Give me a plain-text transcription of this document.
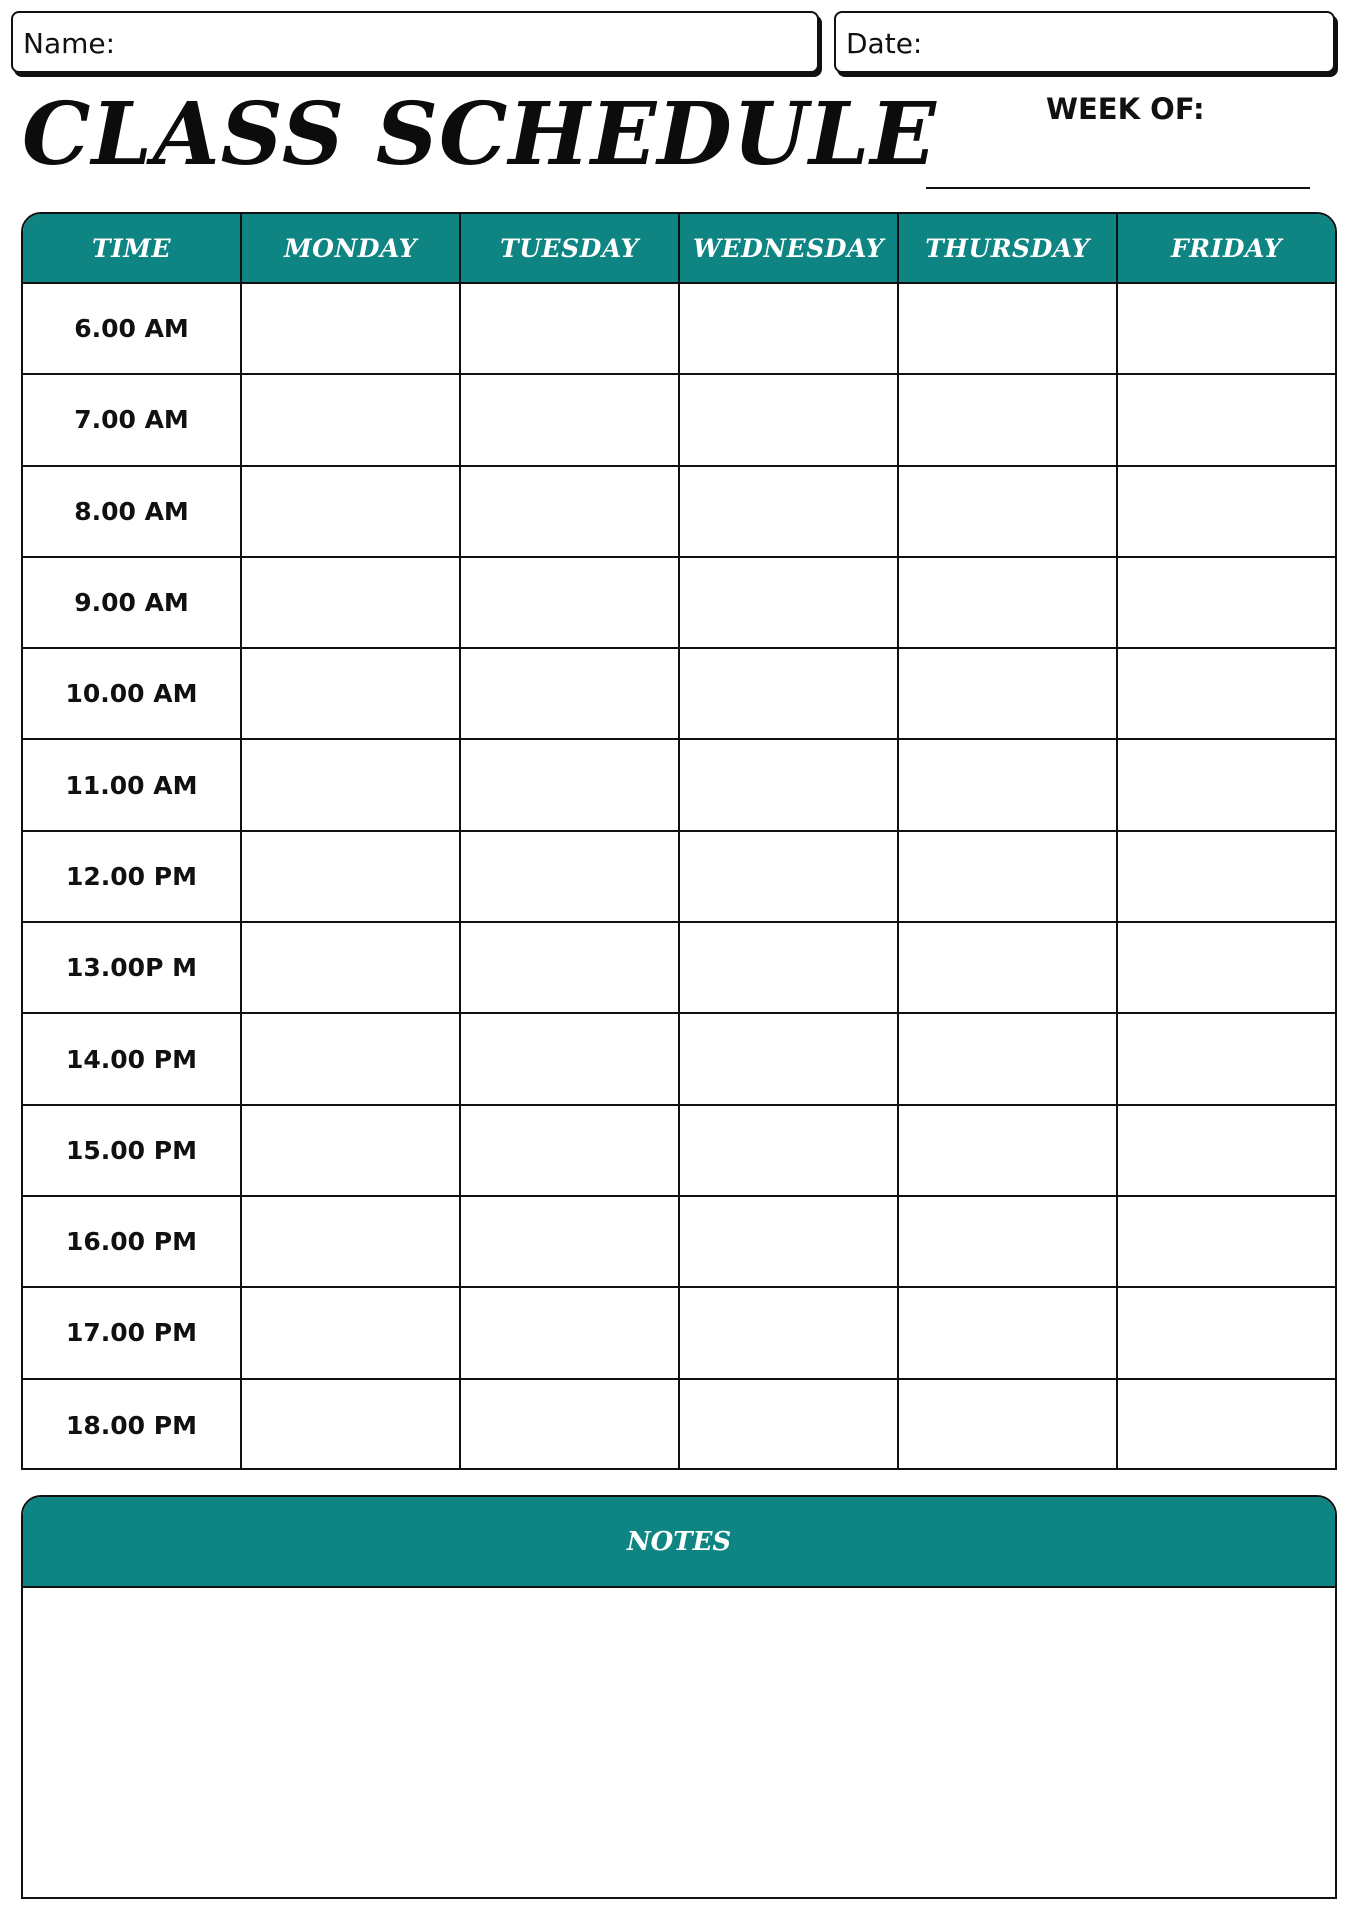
Name:	Date:
CLASS SCHEDULE	WEEK OF:
TIME	MONDAY	TUESDAY	WEDNESDAY	THURSDAY	FRIDAY
6.00 AM
7.00 AM
8.00 AM
9.00 AM
10.00 AM
11.00 AM
12.00 PM
13.00P M
14.00 PM
15.00 PM
16.00 PM
17.00 PM
18.00 PM
NOTES
